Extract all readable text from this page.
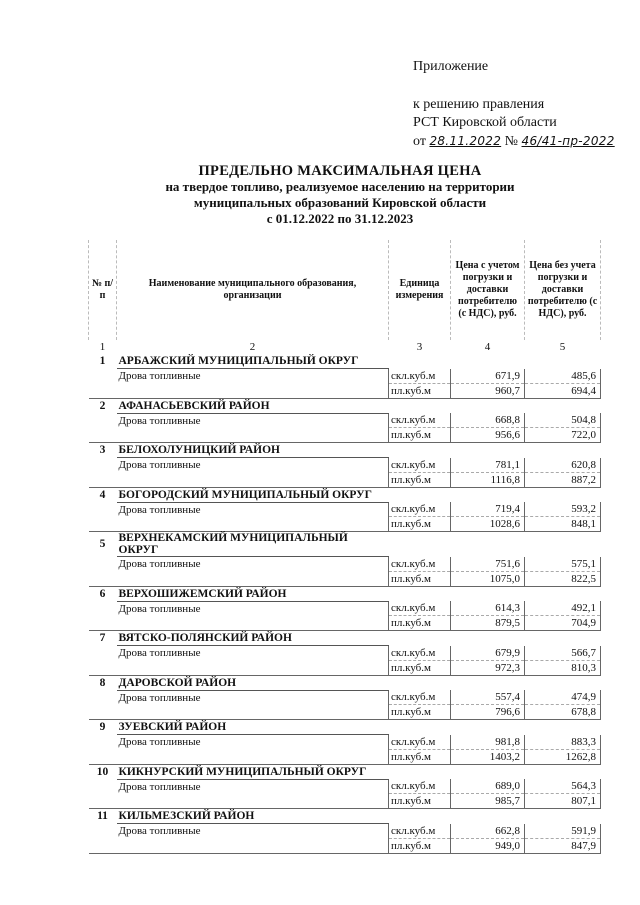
Приложение
к решению правления
РСТ Кировской области
от 28.11.2022 № 46/41-пр-2022
ПРЕДЕЛЬНО МАКСИМАЛЬНАЯ ЦЕНА
на твердое топливо, реализуемое населению на территории
муниципальных образований Кировской области
с 01.12.2022 по 31.12.2023
№ п/п	Наименование муниципального образования, организации	Единица измерения	Цена с учетом погрузки и доставки потребителю (с НДС), руб.	Цена без учета погрузки и доставки потребителю (с НДС), руб.
1	2	3	4	5
1	АРБАЖСКИЙ МУНИЦИПАЛЬНЫЙ ОКРУГ			
	Дрова топливные	скл.куб.м	671,9	485,6
		пл.куб.м	960,7	694,4
2	АФАНАСЬЕВСКИЙ РАЙОН			
	Дрова топливные	скл.куб.м	668,8	504,8
		пл.куб.м	956,6	722,0
3	БЕЛОХОЛУНИЦКИЙ РАЙОН			
	Дрова топливные	скл.куб.м	781,1	620,8
		пл.куб.м	1116,8	887,2
4	БОГОРОДСКИЙ МУНИЦИПАЛЬНЫЙ ОКРУГ			
	Дрова топливные	скл.куб.м	719,4	593,2
		пл.куб.м	1028,6	848,1
5	ВЕРХНЕКАМСКИЙ МУНИЦИПАЛЬНЫЙ ОКРУГ			
	Дрова топливные	скл.куб.м	751,6	575,1
		пл.куб.м	1075,0	822,5
6	ВЕРХОШИЖЕМСКИЙ РАЙОН			
	Дрова топливные	скл.куб.м	614,3	492,1
		пл.куб.м	879,5	704,9
7	ВЯТСКО-ПОЛЯНСКИЙ РАЙОН			
	Дрова топливные	скл.куб.м	679,9	566,7
		пл.куб.м	972,3	810,3
8	ДАРОВСКОЙ РАЙОН			
	Дрова топливные	скл.куб.м	557,4	474,9
		пл.куб.м	796,6	678,8
9	ЗУЕВСКИЙ РАЙОН			
	Дрова топливные	скл.куб.м	981,8	883,3
		пл.куб.м	1403,2	1262,8
10	КИКНУРСКИЙ МУНИЦИПАЛЬНЫЙ ОКРУГ			
	Дрова топливные	скл.куб.м	689,0	564,3
		пл.куб.м	985,7	807,1
11	КИЛЬМЕЗСКИЙ РАЙОН			
	Дрова топливные	скл.куб.м	662,8	591,9
		пл.куб.м	949,0	847,9
